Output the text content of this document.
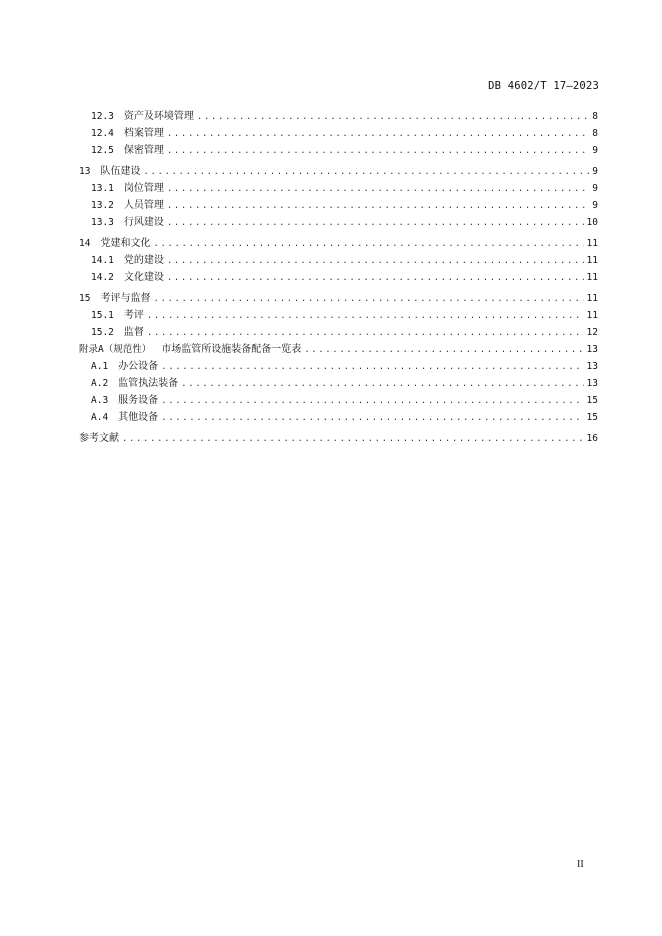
DB 4602/T 17—2023
12.3 资产及环境管理 .....	8
12.4 档案管理 .....	8
12.5 保密管理 .....	9
13 队伍建设 .....	9
13.1 岗位管理 .....	9
13.2 人员管理 .....	9
13.3 行风建设 .....	10
14 党建和文化 .....	11
14.1 党的建设 .....	11
14.2 文化建设 .....	11
15 考评与监督 .....	11
15.1 考评 .....	11
15.2 监督 .....	12
附录A（规范性） 市场监管所设施装备配备一览表 .....	13
A.1 办公设备 .....	13
A.2 监管执法装备 .....	13
A.3 服务设备 .....	15
A.4 其他设备 .....	15
参考文献 .....	16
II
